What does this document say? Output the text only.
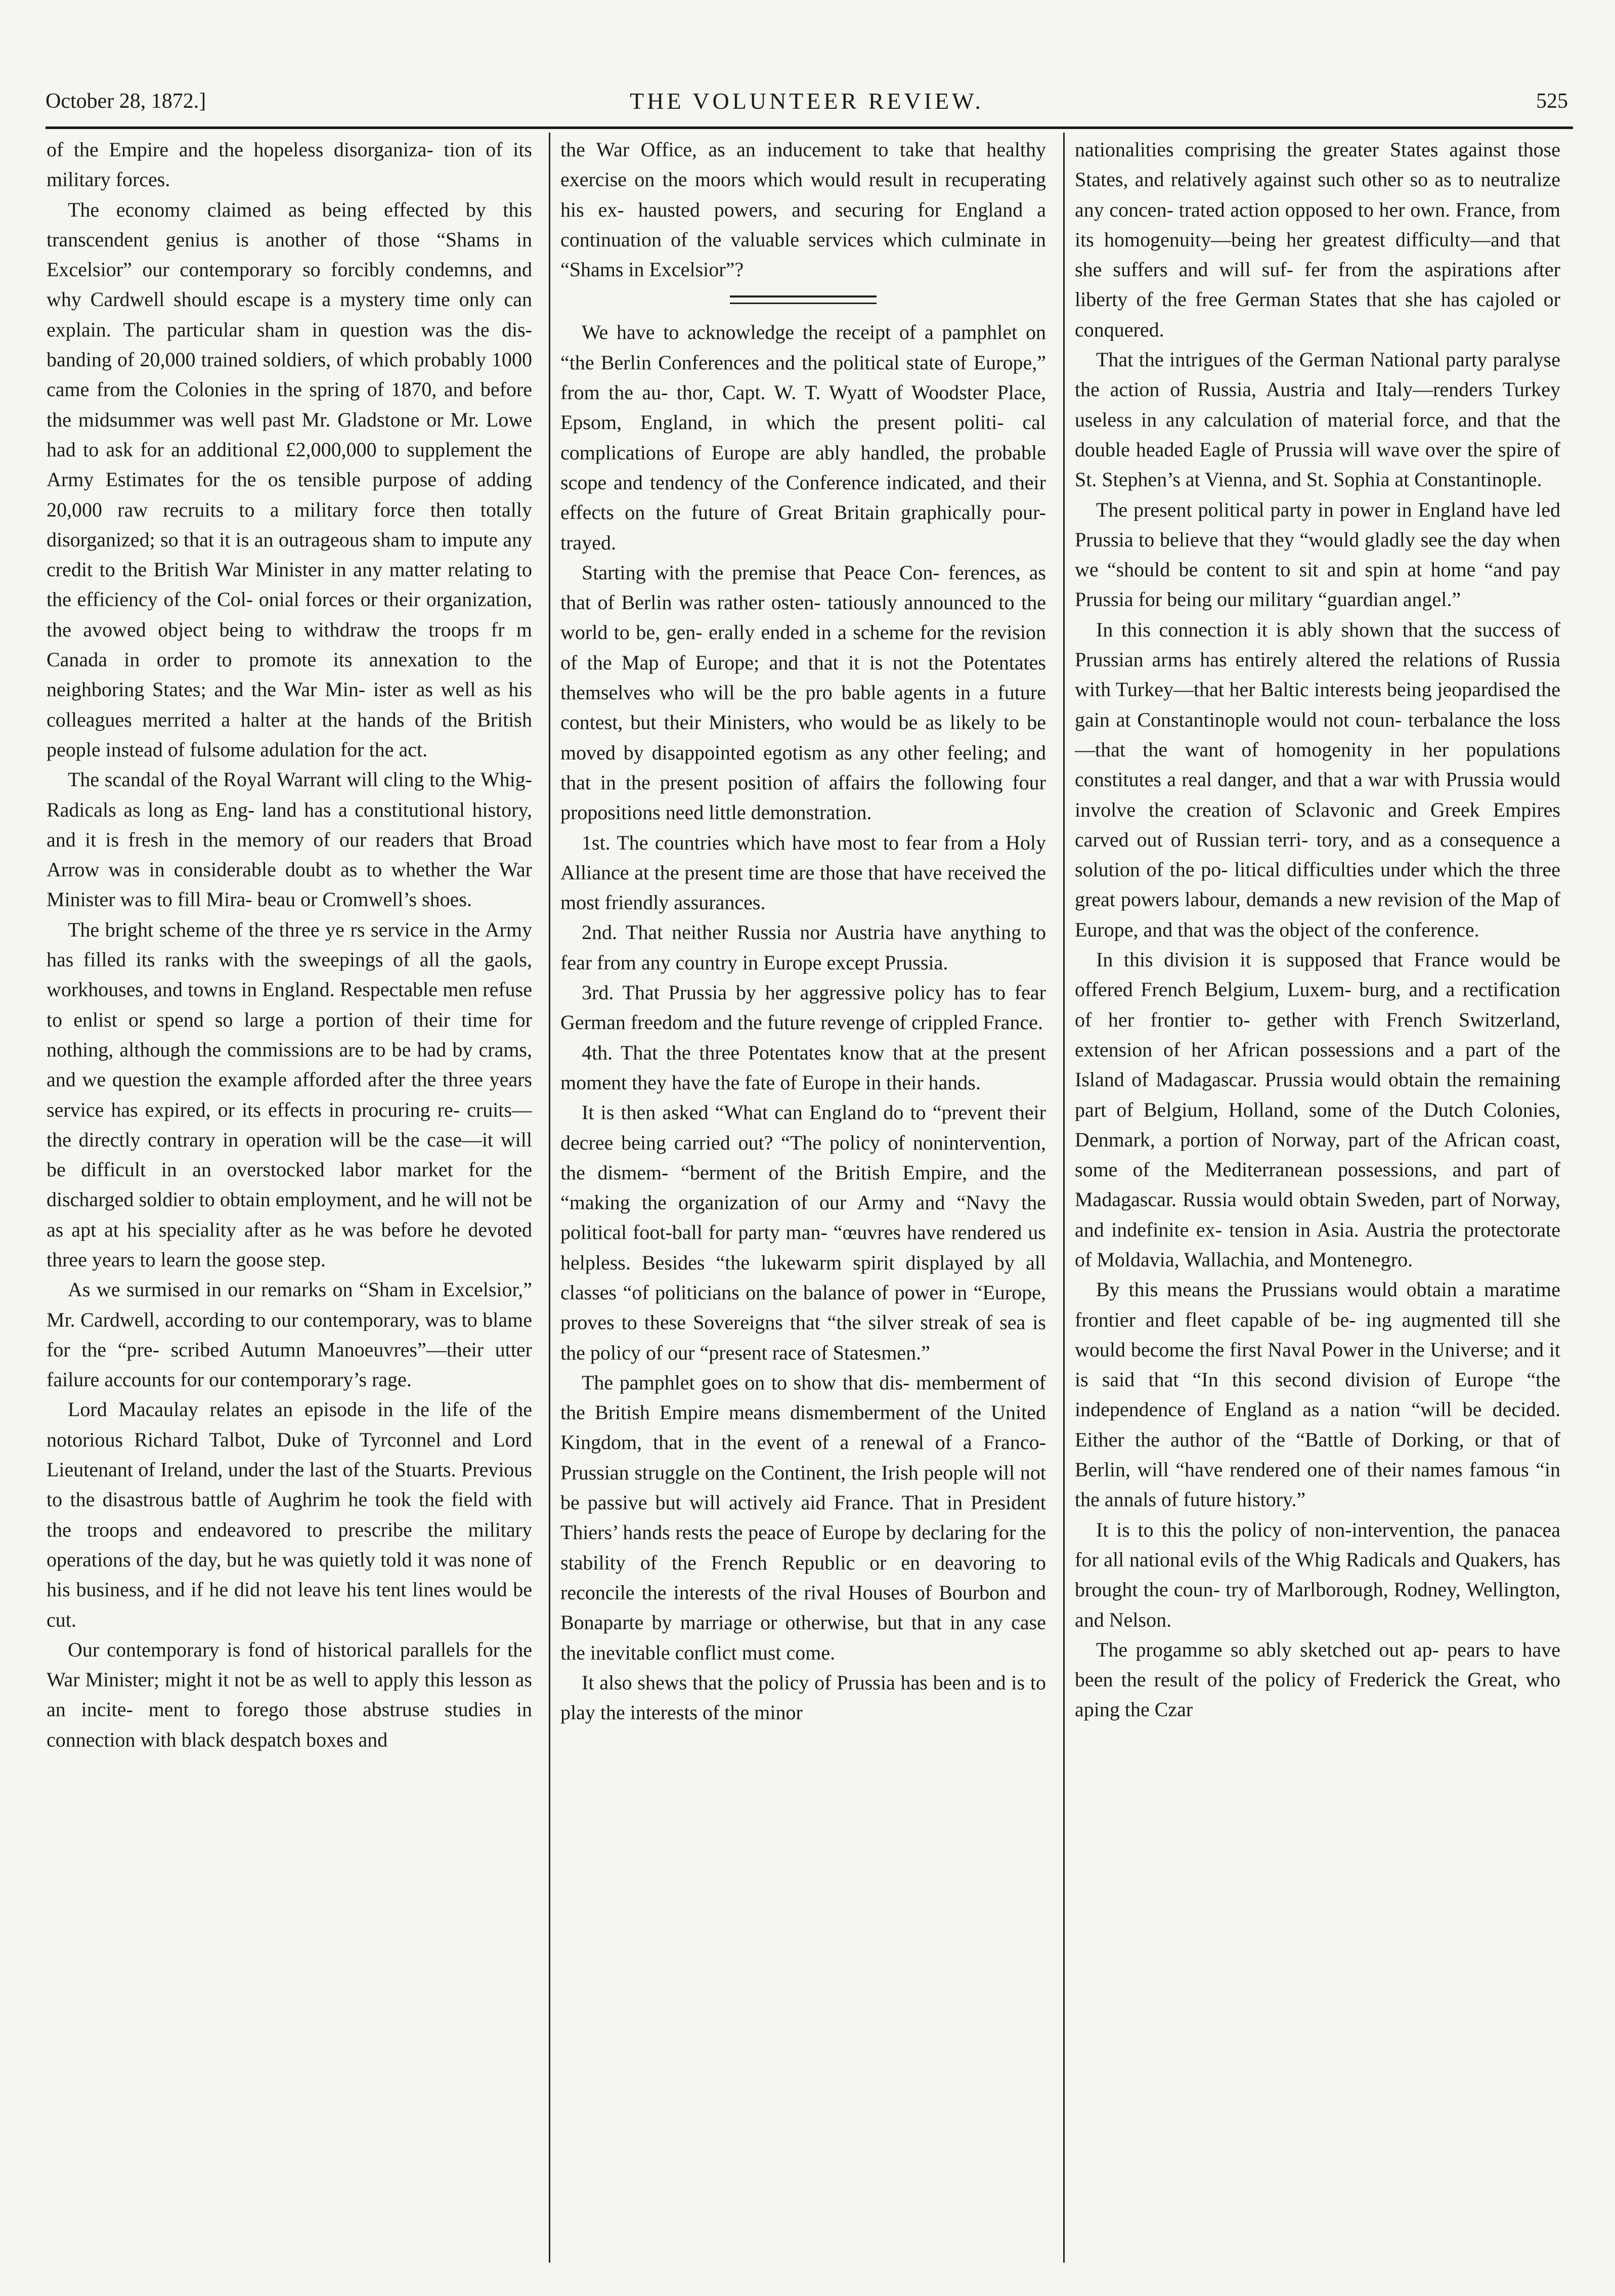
October 28, 1872.]	THE VOLUNTEER REVIEW.	525

of the Empire and the hopeless disorganiza- tion of its military forces.

The economy claimed as being effected by this transcendent genius is another of those “Shams in Excelsior” our contemporary so forcibly condemns, and why Cardwell should escape is a mystery time only can explain. The particular sham in question was the dis- banding of 20,000 trained soldiers, of which probably 1000 came from the Colonies in the spring of 1870, and before the midsummer was well past Mr. Gladstone or Mr. Lowe had to ask for an additional £2,000,000 to supplement the Army Estimates for the os tensible purpose of adding 20,000 raw recruits to a military force then totally disorganized; so that it is an outrageous sham to impute any credit to the British War Minister in any matter relating to the efficiency of the Col- onial forces or their organization, the avowed object being to withdraw the troops fr m Canada in order to promote its annexation to the neighboring States; and the War Min- ister as well as his colleagues merrited a halter at the hands of the British people instead of fulsome adulation for the act.

The scandal of the Royal Warrant will cling to the Whig-Radicals as long as Eng- land has a constitutional history, and it is fresh in the memory of our readers that Broad Arrow was in considerable doubt as to whether the War Minister was to fill Mira- beau or Cromwell’s shoes.

The bright scheme of the three ye rs service in the Army has filled its ranks with the sweepings of all the gaols, workhouses, and towns in England. Respectable men refuse to enlist or spend so large a portion of their time for nothing, although the commissions are to be had by crams, and we question the example afforded after the three years service has expired, or its effects in procuring re- cruits—the directly contrary in operation will be the case—it will be difficult in an overstocked labor market for the discharged soldier to obtain employment, and he will not be as apt at his speciality after as he was before he devoted three years to learn the goose step.

As we surmised in our remarks on “Sham in Excelsior,” Mr. Cardwell, according to our contemporary, was to blame for the “pre- scribed Autumn Manoeuvres”—their utter failure accounts for our contemporary’s rage.

Lord Macaulay relates an episode in the life of the notorious Richard Talbot, Duke of Tyrconnel and Lord Lieutenant of Ireland, under the last of the Stuarts. Previous to the disastrous battle of Aughrim he took the field with the troops and endeavored to prescribe the military operations of the day, but he was quietly told it was none of his business, and if he did not leave his tent lines would be cut.

Our contemporary is fond of historical parallels for the War Minister; might it not be as well to apply this lesson as an incite- ment to forego those abstruse studies in connection with black despatch boxes and

the War Office, as an inducement to take that healthy exercise on the moors which would result in recuperating his ex- hausted powers, and securing for England a continuation of the valuable services which culminate in “Shams in Excelsior”?

We have to acknowledge the receipt of a pamphlet on “the Berlin Conferences and the political state of Europe,” from the au- thor, Capt. W. T. Wyatt of Woodster Place, Epsom, England, in which the present politi- cal complications of Europe are ably handled, the probable scope and tendency of the Conference indicated, and their effects on the future of Great Britain graphically pour- trayed.

Starting with the premise that Peace Con- ferences, as that of Berlin was rather osten- tatiously announced to the world to be, gen- erally ended in a scheme for the revision of the Map of Europe; and that it is not the Potentates themselves who will be the pro bable agents in a future contest, but their Ministers, who would be as likely to be moved by disappointed egotism as any other feeling; and that in the present position of affairs the following four propositions need little demonstration.

1st. The countries which have most to fear from a Holy Alliance at the present time are those that have received the most friendly assurances.

2nd. That neither Russia nor Austria have anything to fear from any country in Europe except Prussia.

3rd. That Prussia by her aggressive policy has to fear German freedom and the future revenge of crippled France.

4th. That the three Potentates know that at the present moment they have the fate of Europe in their hands.

It is then asked “What can England do to “prevent their decree being carried out? “The policy of nonintervention, the dismem- “berment of the British Empire, and the “making the organization of our Army and “Navy the political foot-ball for party man- “œuvres have rendered us helpless. Besides “the lukewarm spirit displayed by all classes “of politicians on the balance of power in “Europe, proves to these Sovereigns that “the silver streak of sea is the policy of our “present race of Statesmen.”

The pamphlet goes on to show that dis- memberment of the British Empire means dismemberment of the United Kingdom, that in the event of a renewal of a Franco- Prussian struggle on the Continent, the Irish people will not be passive but will actively aid France. That in President Thiers’ hands rests the peace of Europe by declaring for the stability of the French Republic or en deavoring to reconcile the interests of the rival Houses of Bourbon and Bonaparte by marriage or otherwise, but that in any case the inevitable conflict must come.

It also shews that the policy of Prussia has been and is to play the interests of the minor

nationalities comprising the greater States against those States, and relatively against such other so as to neutralize any concen- trated action opposed to her own. France, from its homogenuity—being her greatest difficulty—and that she suffers and will suf- fer from the aspirations after liberty of the free German States that she has cajoled or conquered.

That the intrigues of the German National party paralyse the action of Russia, Austria and Italy—renders Turkey useless in any calculation of material force, and that the double headed Eagle of Prussia will wave over the spire of St. Stephen’s at Vienna, and St. Sophia at Constantinople.

The present political party in power in England have led Prussia to believe that they “would gladly see the day when we “should be content to sit and spin at home “and pay Prussia for being our military “guardian angel.”

In this connection it is ably shown that the success of Prussian arms has entirely altered the relations of Russia with Turkey—that her Baltic interests being jeopardised the gain at Constantinople would not coun- terbalance the loss—that the want of homogenity in her populations constitutes a real danger, and that a war with Prussia would involve the creation of Sclavonic and Greek Empires carved out of Russian terri- tory, and as a consequence a solution of the po- litical difficulties under which the three great powers labour, demands a new revision of the Map of Europe, and that was the object of the conference.

In this division it is supposed that France would be offered French Belgium, Luxem- burg, and a rectification of her frontier to- gether with French Switzerland, extension of her African possessions and a part of the Island of Madagascar. Prussia would obtain the remaining part of Belgium, Holland, some of the Dutch Colonies, Denmark, a portion of Norway, part of the African coast, some of the Mediterranean possessions, and part of Madagascar. Russia would obtain Sweden, part of Norway, and indefinite ex- tension in Asia. Austria the protectorate of Moldavia, Wallachia, and Montenegro.

By this means the Prussians would obtain a maratime frontier and fleet capable of be- ing augmented till she would become the first Naval Power in the Universe; and it is said that “In this second division of Europe “the independence of England as a nation “will be decided. Either the author of the “Battle of Dorking, or that of Berlin, will “have rendered one of their names famous “in the annals of future history.”

It is to this the policy of non-intervention, the panacea for all national evils of the Whig Radicals and Quakers, has brought the coun- try of Marlborough, Rodney, Wellington, and Nelson.

The progamme so ably sketched out ap- pears to have been the result of the policy of Frederick the Great, who aping the Czar
